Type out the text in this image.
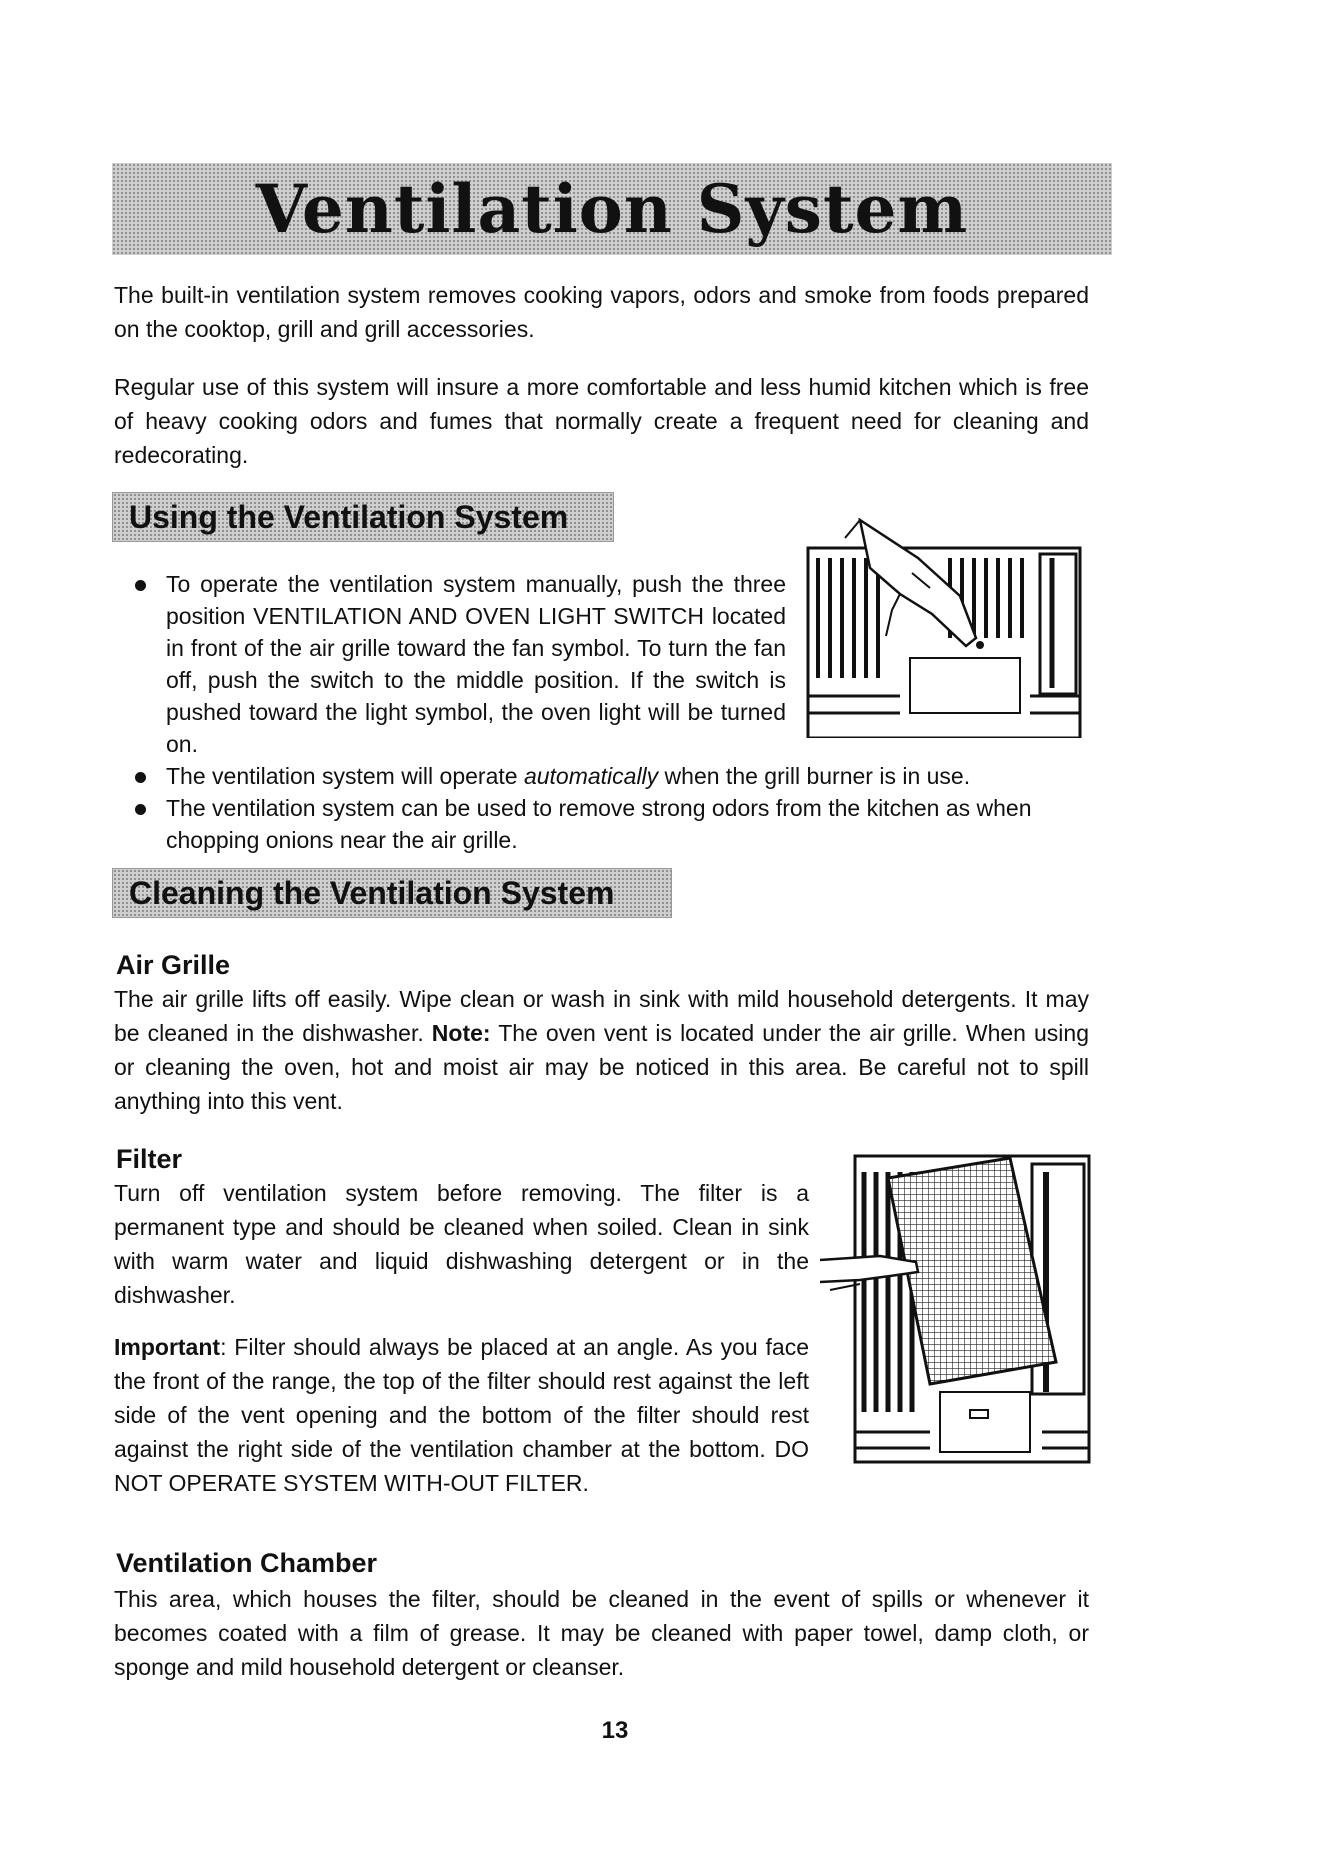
Ventilation System

The built-in ventilation system removes cooking vapors, odors and smoke from foods prepared on the cooktop, grill and grill accessories.

Regular use of this system will insure a more comfortable and less humid kitchen which is free of heavy cooking odors and fumes that normally create a frequent need for cleaning and redecorating.

Using the Ventilation System
To operate the ventilation system manually, push the three position VENTILATION AND OVEN LIGHT SWITCH located in front of the air grille toward the fan symbol. To turn the fan off, push the switch to the middle position. If the switch is pushed toward the light symbol, the oven light will be turned on.
The ventilation system will operate automatically when the grill burner is in use.
The ventilation system can be used to remove strong odors from the kitchen as when chopping onions near the air grille.
Cleaning the Ventilation System
Air Grille

The air grille lifts off easily. Wipe clean or wash in sink with mild household detergents. It may be cleaned in the dishwasher. Note: The oven vent is located under the air grille. When using or cleaning the oven, hot and moist air may be noticed in this area. Be careful not to spill anything into this vent.

Filter

Turn off ventilation system before removing. The filter is a permanent type and should be cleaned when soiled. Clean in sink with warm water and liquid dishwashing detergent or in the dishwasher.

Important: Filter should always be placed at an angle. As you face the front of the range, the top of the filter should rest against the left side of the vent opening and the bottom of the filter should rest against the right side of the ventilation chamber at the bottom. DO NOT OPERATE SYSTEM WITH-OUT FILTER.

Ventilation Chamber

This area, which houses the filter, should be cleaned in the event of spills or whenever it becomes coated with a film of grease. It may be cleaned with paper towel, damp cloth, or sponge and mild household detergent or cleanser.

13
